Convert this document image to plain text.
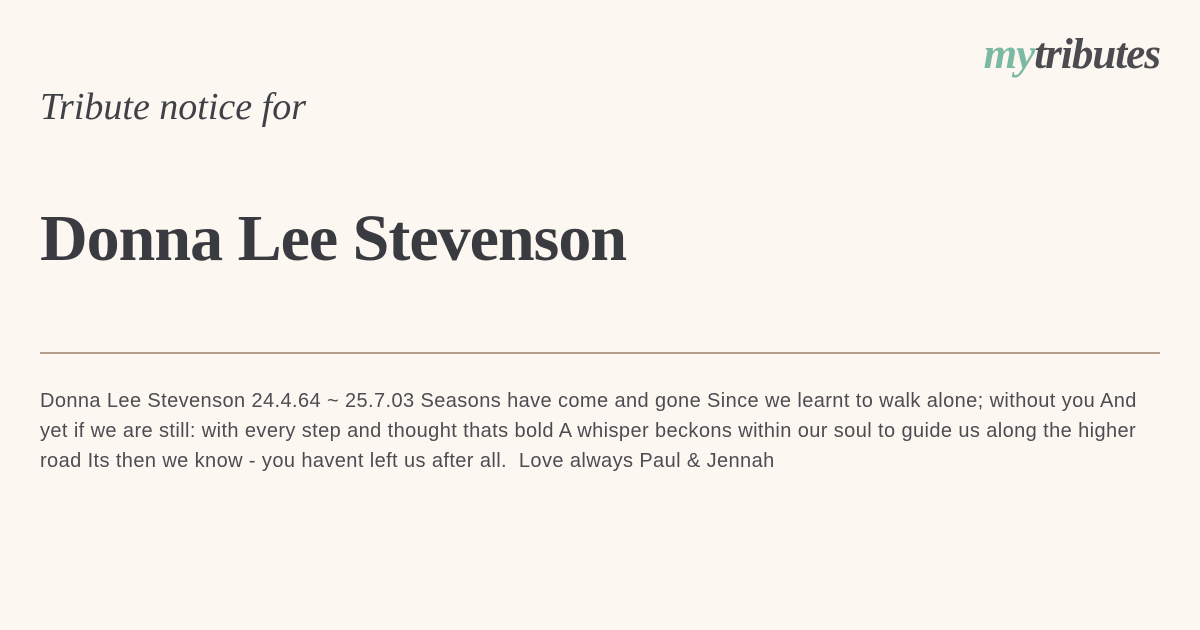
mytributes
Tribute notice for
Donna Lee Stevenson

Donna Lee Stevenson 24.4.64 ~ 25.7.03 Seasons have come and gone Since we learnt to walk alone; without you And yet if we are still: with every step and thought thats bold A whisper beckons within our soul to guide us along the higher road Its then we know - you havent left us after all.  Love always Paul & Jennah
